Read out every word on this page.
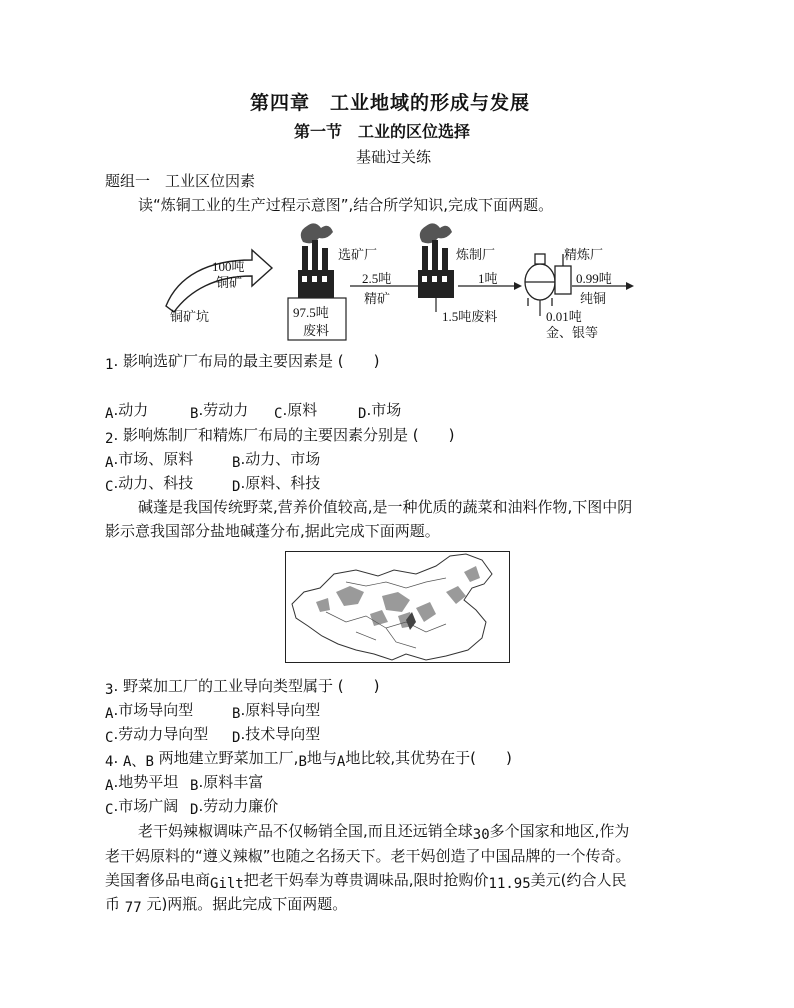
第四章　工业地域的形成与发展
第一节　工业的区位选择
基础过关练
题组一　工业区位因素
读“炼铜工业的生产过程示意图”,结合所学知识,完成下面两题。
100吨
铜矿
铜矿坑
选矿厂
2.5吨
精矿
97.5吨
废料
炼制厂
1吨
1.5吨废料
精炼厂
0.99吨
纯铜
0.01吨
金、银等
1. 影响选矿厂布局的最主要因素是 (　　)
A.动力	B.劳动力 C.原料	D.市场
2. 影响炼制厂和精炼厂布局的主要因素分别是 (　　)
A.市场、原料	B.动力、市场
C.动力、科技	D.原料、科技
碱蓬是我国传统野菜,营养价值较高,是一种优质的蔬菜和油料作物,下图中阴
影示意我国部分盐地碱蓬分布,据此完成下面两题。
3. 野菜加工厂的工业导向类型属于 (　　)
A.市场导向型	B.原料导向型
C.劳动力导向型 D.技术导向型
4. A、B 两地建立野菜加工厂,B地与A地比较,其优势在于(　　)
A.地势平坦 B.原料丰富
C.市场广阔 D.劳动力廉价
老干妈辣椒调味产品不仅畅销全国,而且还远销全球30多个国家和地区,作为
老干妈原料的“遵义辣椒”也随之名扬天下。老干妈创造了中国品牌的一个传奇。
美国奢侈品电商Gilt把老干妈奉为尊贵调味品,限时抢购价11.95美元(约合人民
币 77 元)两瓶。据此完成下面两题。
